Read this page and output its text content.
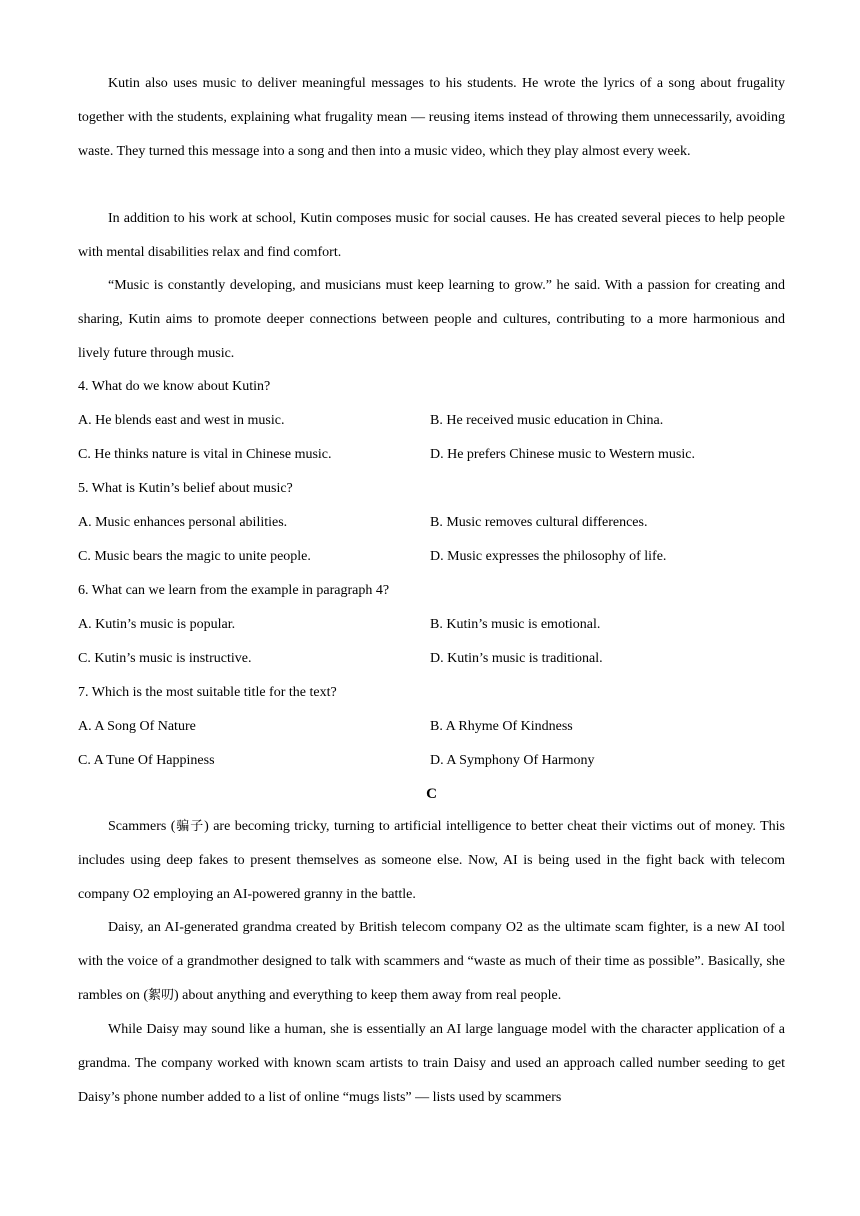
Kutin also uses music to deliver meaningful messages to his students. He wrote the lyrics of a song about frugality together with the students, explaining what frugality mean — reusing items instead of throwing them unnecessarily, avoiding waste. They turned this message into a song and then into a music video, which they play almost every week.

In addition to his work at school, Kutin composes music for social causes. He has created several pieces to help people with mental disabilities relax and find comfort.

“Music is constantly developing, and musicians must keep learning to grow.” he said. With a passion for creating and sharing, Kutin aims to promote deeper connections between people and cultures, contributing to a more harmonious and lively future through music.

4. What do we know about Kutin?
A. He blends east and west in music.	B. He received music education in China.
C. He thinks nature is vital in Chinese music.	D. He prefers Chinese music to Western music.
5. What is Kutin’s belief about music?
A. Music enhances personal abilities.	B. Music removes cultural differences.
C. Music bears the magic to unite people.	D. Music expresses the philosophy of life.
6. What can we learn from the example in paragraph 4?
A. Kutin’s music is popular.	B. Kutin’s music is emotional.
C. Kutin’s music is instructive.	D. Kutin’s music is traditional.
7. Which is the most suitable title for the text?
A. A Song Of Nature	B. A Rhyme Of Kindness
C. A Tune Of Happiness	D. A Symphony Of Harmony
C

Scammers (骗子) are becoming tricky, turning to artificial intelligence to better cheat their victims out of money. This includes using deep fakes to present themselves as someone else. Now, AI is being used in the fight back with telecom company O2 employing an AI-powered granny in the battle.

Daisy, an AI-generated grandma created by British telecom company O2 as the ultimate scam fighter, is a new AI tool with the voice of a grandmother designed to talk with scammers and “waste as much of their time as possible”. Basically, she rambles on (絮叨) about anything and everything to keep them away from real people.

While Daisy may sound like a human, she is essentially an AI large language model with the character application of a grandma. The company worked with known scam artists to train Daisy and used an approach called number seeding to get Daisy’s phone number added to a list of online “mugs lists” — lists used by scammers
